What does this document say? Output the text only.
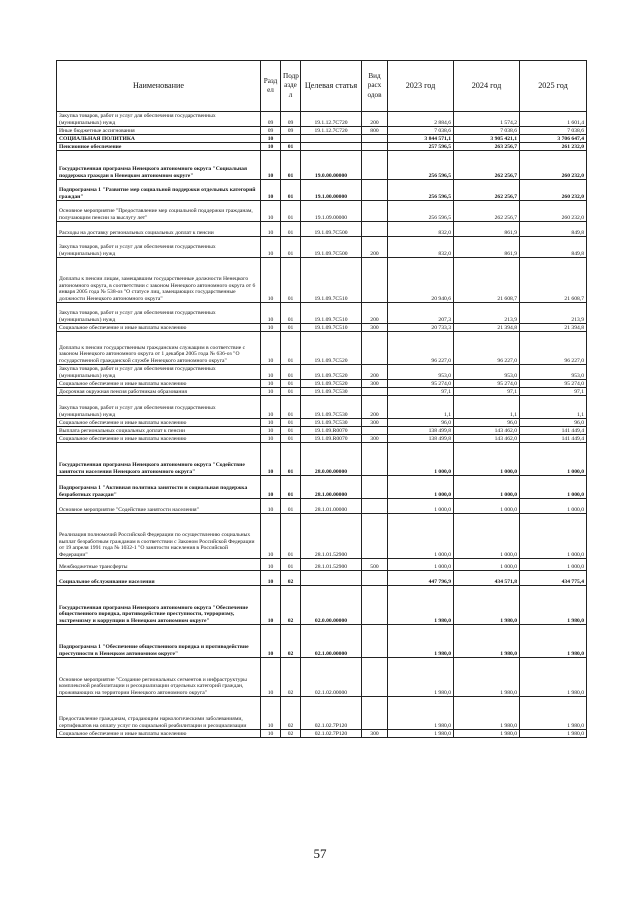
Наименование	Разд ел	Подр азде л	Целевая статья	Вид расх одов	2023 год	2024 год	2025 год
Закупка товаров, работ и услуг для обеспечения государственных (муниципальных) нужд	09	09	19.1.12.7С720	200	2 884,6	1 574,2	1 601,4
Иные бюджетные ассигнования	09	09	19.1.12.7С720	800	7 038,6	7 038,6	7 038,6
СОЦИАЛЬНАЯ ПОЛИТИКА	10				3 844 571,1	3 905 421,1	3 706 647,4
Пенсионное обеспечение	10	01			257 596,5	263 256,7	261 232,0
Государственная программа Ненецкого автономного округа "Социальная поддержка граждан в Ненецком автономном округе"	10	01	19.0.00.00000		256 596,5	262 256,7	260 232,0
Подпрограмма 1 "Развитие мер социальной поддержки отдельных категорий граждан"	10	01	19.1.00.00000		256 596,5	262 256,7	260 232,0
Основное мероприятие "Предоставление мер социальной поддержки гражданам, получающим пенсии за выслугу лет"	10	01	19.1.09.00000		256 596,5	262 256,7	260 232,0
Расходы на доставку региональных социальных доплат к пенсии	10	01	19.1.09.7С500		832,0	861,9	849,8
Закупка товаров, работ и услуг для обеспечения государственных (муниципальных) нужд	10	01	19.1.09.7С500	200	832,0	861,9	849,8
Доплаты к пенсии лицам, замещавшим государственные должности Ненецкого автономного округа, в соответствии с законом Ненецкого автономного округа от 6 января 2005 года № 538-оз "О статусе лиц, замещающих государственные должности Ненецкого автономного округа"	10	01	19.1.09.7С510		20 940,6	21 608,7	21 608,7
Закупка товаров, работ и услуг для обеспечения государственных (муниципальных) нужд	10	01	19.1.09.7С510	200	207,3	213,9	213,9
Социальное обеспечение и иные выплаты населению	10	01	19.1.09.7С510	300	20 733,3	21 394,8	21 394,8
Доплаты к пенсии государственным гражданским служащим в соответствие с законом Ненецкого автономного округа от 1 декабря 2005 года № 636-оз "О государственной гражданской службе Ненецкого автономного округа"	10	01	19.1.09.7С520		96 227,0	96 227,0	96 227,0
Закупка товаров, работ и услуг для обеспечения государственных (муниципальных) нужд	10	01	19.1.09.7С520	200	953,0	953,0	953,0
Социальное обеспечение и иные выплаты населению	10	01	19.1.09.7С520	300	95 274,0	95 274,0	95 274,0
Досрочная окружная пенсия работникам образования	10	01	19.1.09.7С530		97,1	97,1	97,1
Закупка товаров, работ и услуг для обеспечения государственных (муниципальных) нужд	10	01	19.1.09.7С530	200	1,1	1,1	1,1
Социальное обеспечение и иные выплаты населению	10	01	19.1.09.7С530	300	96,0	96,0	96,0
Выплата региональных социальных доплат к пенсии	10	01	19.1.09.R0070		138 499,8	143 462,0	141 449,4
Социальное обеспечение и иные выплаты населению	10	01	19.1.09.R0070	300	138 499,8	143 462,0	141 449,4
Государственная программа Ненецкого автономного округа "Содействие занятости населения Ненецкого автономного округа"	10	01	28.0.00.00000		1 000,0	1 000,0	1 000,0
Подпрограмма 1 "Активная политика занятости и социальная поддержка безработных граждан"	10	01	28.1.00.00000		1 000,0	1 000,0	1 000,0
Основное мероприятие "Содействие занятости населения"	10	01	28.1.01.00000		1 000,0	1 000,0	1 000,0
Реализация полномочий Российской Федерации по осуществлению социальных выплат безработным гражданам в соответствии с Законом Российской Федерации от 19 апреля 1991 года № 1032-1 "О занятости населения в Российской Федерации"	10	01	28.1.01.52900		1 000,0	1 000,0	1 000,0
Межбюджетные трансферты	10	01	28.1.01.52900	500	1 000,0	1 000,0	1 000,0
Социальное обслуживание населения	10	02			447 796,9	434 571,8	434 775,4
Государственная программа Ненецкого автономного округа "Обеспечение общественного порядка, противодействие преступности, терроризму, экстремизму и коррупции в Ненецком автономном округе"	10	02	02.0.00.00000		1 980,0	1 980,0	1 980,0
Подпрограмма 1 "Обеспечение общественного порядка и противодействие преступности в Ненецком автономном округе"	10	02	02.1.00.00000		1 980,0	1 980,0	1 980,0
Основное мероприятие "Создание региональных сегментов и инфраструктуры комплексной реабилитации и ресоциализации отдельных категорий граждан, проживающих на территории Ненецкого автономного округа"	10	02	02.1.02.00000		1 980,0	1 980,0	1 980,0
Предоставление гражданам, страдающим наркологическими заболеваниями, сертификатов на оплату услуг по социальной реабилитации и ресоциализации	10	02	02.1.02.7Р120		1 980,0	1 980,0	1 980,0
Социальное обеспечение и иные выплаты населению	10	02	02.1.02.7Р120	300	1 980,0	1 980,0	1 980,0
57
